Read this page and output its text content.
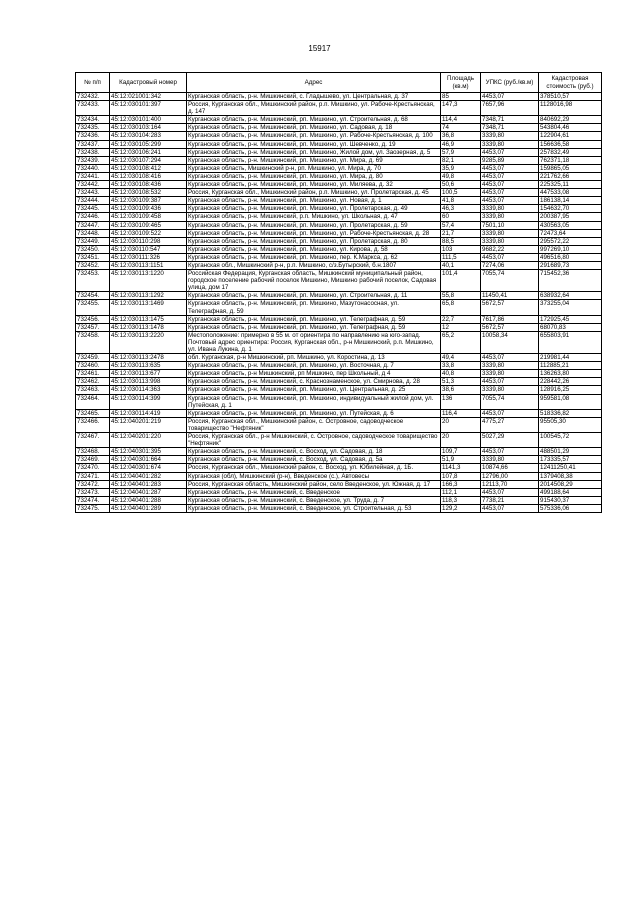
15917
№ п/п	Кадастровый номер	Адрес	Площадь (кв.м)	УПКС (руб./кв.м)	Кадастровая стоимость (руб.)
732432.	45:12:021001:342	Курганская область, р-н. Мишкинский, с. Гладышево, ул. Центральная, д. 37	85	4453,07	378510,57
732433.	45:12:030101:397	Россия, Курганская обл., Мишкинский район, р.п. Мишкино, ул. Рабоче-Крестьянская, д. 147	147,3	7657,96	1128016,98
732434.	45:12:030101:400	Курганская область, р-н. Мишкинский, рп. Мишкино, ул. Строительная, д. 68	114,4	7348,71	840692,29
732435.	45:12:030103:164	Курганская область, р-н. Мишкинский, рп. Мишкино, ул. Садовая, д. 18	74	7348,71	543804,46
732436.	45:12:030104:283	Курганская область, р-н. Мишкинский, рп. Мишкино, ул. Рабоче-Крестьянская, д. 100	36,8	3339,80	122904,61
732437.	45:12:030105:299	Курганская область, р-н. Мишкинский, рп. Мишкино, ул. Шевченко, д. 19	46,9	3339,80	156636,58
732438.	45:12:030106:241	Курганская область, р-н. Мишкинский, рп. Мишкино, Жилой дом, ул. Заозерная, д. 5	57,9	4453,07	257832,49
732439.	45:12:030107:294	Курганская область, р-н. Мишкинский, рп. Мишкино, ул. Мира, д. 69	82,1	9285,89	762371,18
732440.	45:12:030108:412	Курганская область, Мишкинский р-н, рп. Мишкино, ул. Мира, д. 70	35,9	4453,07	159865,05
732441.	45:12:030108:416	Курганская область, р-н. Мишкинский, рп. Мишкино, ул. Мира, д. 80	49,8	4453,07	221762,66
732442.	45:12:030108:436	Курганская область, р-н. Мишкинский, рп. Мишкино, ул. Миляева, д. 32	50,6	4453,07	225325,11
732443.	45:12:030108:532	Россия, Курганская обл., Мишкинский район, р.п. Мишкино, ул. Пролетарская, д. 45	100,5	4453,07	447533,08
732444.	45:12:030109:387	Курганская область, р-н. Мишкинский, рп. Мишкино, ул. Новая, д. 1	41,8	4453,07	186138,14
732445.	45:12:030109:436	Курганская область, р-н. Мишкинский, рп. Мишкино, ул. Пролетарская, д. 49	46,3	3339,80	154632,70
732446.	45:12:030109:458	Курганская область, р-н. Мишкинский, р.п. Мишкино, ул. Школьная, д. 47	60	3339,80	200387,95
732447.	45:12:030109:465	Курганская область, р-н. Мишкинский, рп. Мишкино, ул. Пролетарская, д. 59	57,4	7501,10	430563,05
732448.	45:12:030109:522	Курганская область, р-н. Мишкинский, рп. Мишкино, ул. Рабоче-Крестьянская, д. 28	21,7	3339,80	72473,64
732449.	45:12:030110:298	Курганская область, р-н. Мишкинский, рп. Мишкино, ул. Пролетарская, д. 80	88,5	3339,80	295572,22
732450.	45:12:030110:547	Курганская область, р-н. Мишкинский, рп. Мишкино, ул. Кирова, д. 58	103	9682,22	997269,10
732451.	45:12:030111:326	Курганская область, р-н. Мишкинский, рп. Мишкино, пер. К.Маркса, д. 62	111,5	4453,07	496516,80
732452.	45:12:030113:1151	Курганская обл., Мишкинский р-н, р.п. Мишкино, с/з.Бутырский, б.н.1807	40,1	7274,06	291689,73
732453.	45:12:030113:1220	Российская Федерация, Курганская область, Мишкинский муниципальный район, городское поселение рабочий поселок Мишкино, Мишкино рабочий поселок, Садовая улица, дом 17	101,4	7055,74	715452,36
732454.	45:12:030113:1292	Курганская область, р-н. Мишкинский, рп. Мишкино, ул. Строительная, д. 11	55,8	11450,41	638932,64
732455.	45:12:030113:1469	Курганская область, р-н. Мишкинский, рп. Мишкино, Мазутонасосная, ул. Телеграфная, д. 59	65,8	5672,57	373255,04
732456.	45:12:030113:1475	Курганская область, р-н. Мишкинский, рп. Мишкино, ул. Телеграфная, д. 59	22,7	7617,86	172925,45
732457.	45:12:030113:1478	Курганская область, р-н. Мишкинский, рп. Мишкино, ул. Телеграфная, д. 59	12	5672,57	68070,83
732458.	45:12:030113:2220	Местоположение: примерно в 55 м. от ориентира по направлению на юго-запад. Почтовый адрес ориентира: Россия, Курганская обл., р-н Мишкинский, р.п. Мишкино, ул. Ивана Лукина, д. 1	65,2	10058,34	655803,91
732459.	45:12:030113:2478	обл. Курганская, р-н Мишкинский, рп. Мишкино, ул. Коростина, д. 13	49,4	4453,07	219981,44
732460.	45:12:030113:635	Курганская область, р-н. Мишкинский, рп. Мишкино, ул. Восточная, д. 7	33,8	3339,80	112885,21
732461.	45:12:030113:677	Курганская область, р-н Мишкинский, рп Мишкино, пер Школьный, д 4	40,8	3339,80	136263,80
732462.	45:12:030113:998	Курганская область, р-н. Мишкинский, с. Краснознаменское, ул. Смирнова, д. 28	51,3	4453,07	228442,26
732463.	45:12:030114:363	Курганская область, р-н. Мишкинский, рп. Мишкино, ул. Центральная, д. 25	38,6	3339,80	128916,25
732464.	45:12:030114:399	Курганская область, р-н. Мишкинский, рп. Мишкино, индивидуальный жилой дом, ул. Путейская, д. 1	136	7055,74	959581,08
732465.	45:12:030114:419	Курганская область, р-н. Мишкинский, рп. Мишкино, ул. Путейская, д. 6	116,4	4453,07	518336,82
732466.	45:12:040201:219	Россия, Курганская обл., Мишкинский район, с. Островное, садоводческое товарищество "Нефтяник"	20	4775,27	95505,30
732467.	45:12:040201:220	Россия, Курганская обл., р-н Мишкинский, с. Островное, садоводческое товарищество "Нефтяник"	20	5027,29	100545,72
732468.	45:12:040301:395	Курганская область, р-н. Мишкинский, с. Восход, ул. Садовая, д. 18	109,7	4453,07	488501,29
732469.	45:12:040301:664	Курганская область, р-н. Мишкинский, с. Восход, ул. Садовая, д. 5а	51,9	3339,80	173335,57
732470.	45:12:040301:674	Россия, Курганская обл., Мишкинский район, с. Восход, ул. Юбилейная, д. 1Б.	1141,3	10874,66	12411250,41
732471.	45:12:040401:282	Курганская (обл), Мишкинский (р-н), Введенское (с.), Автовесы	107,8	12796,00	1379408,38
732472.	45:12:040401:283	Россия, Курганская область, Мишкинский район, село Введенское, ул. Южная, д. 17	166,3	12113,70	2014508,29
732473.	45:12:040401:287	Курганская область, р-н. Мишкинский, с. Введенское	112,1	4453,07	499188,64
732474.	45:12:040401:288	Курганская область, р-н. Мишкинский, с. Введенское, ул. Труда, д. 7	118,3	7738,21	915430,37
732475.	45:12:040401:289	Курганская область, р-н. Мишкинский, с. Введенское, ул. Строительная, д. 53	129,2	4453,07	575336,06
